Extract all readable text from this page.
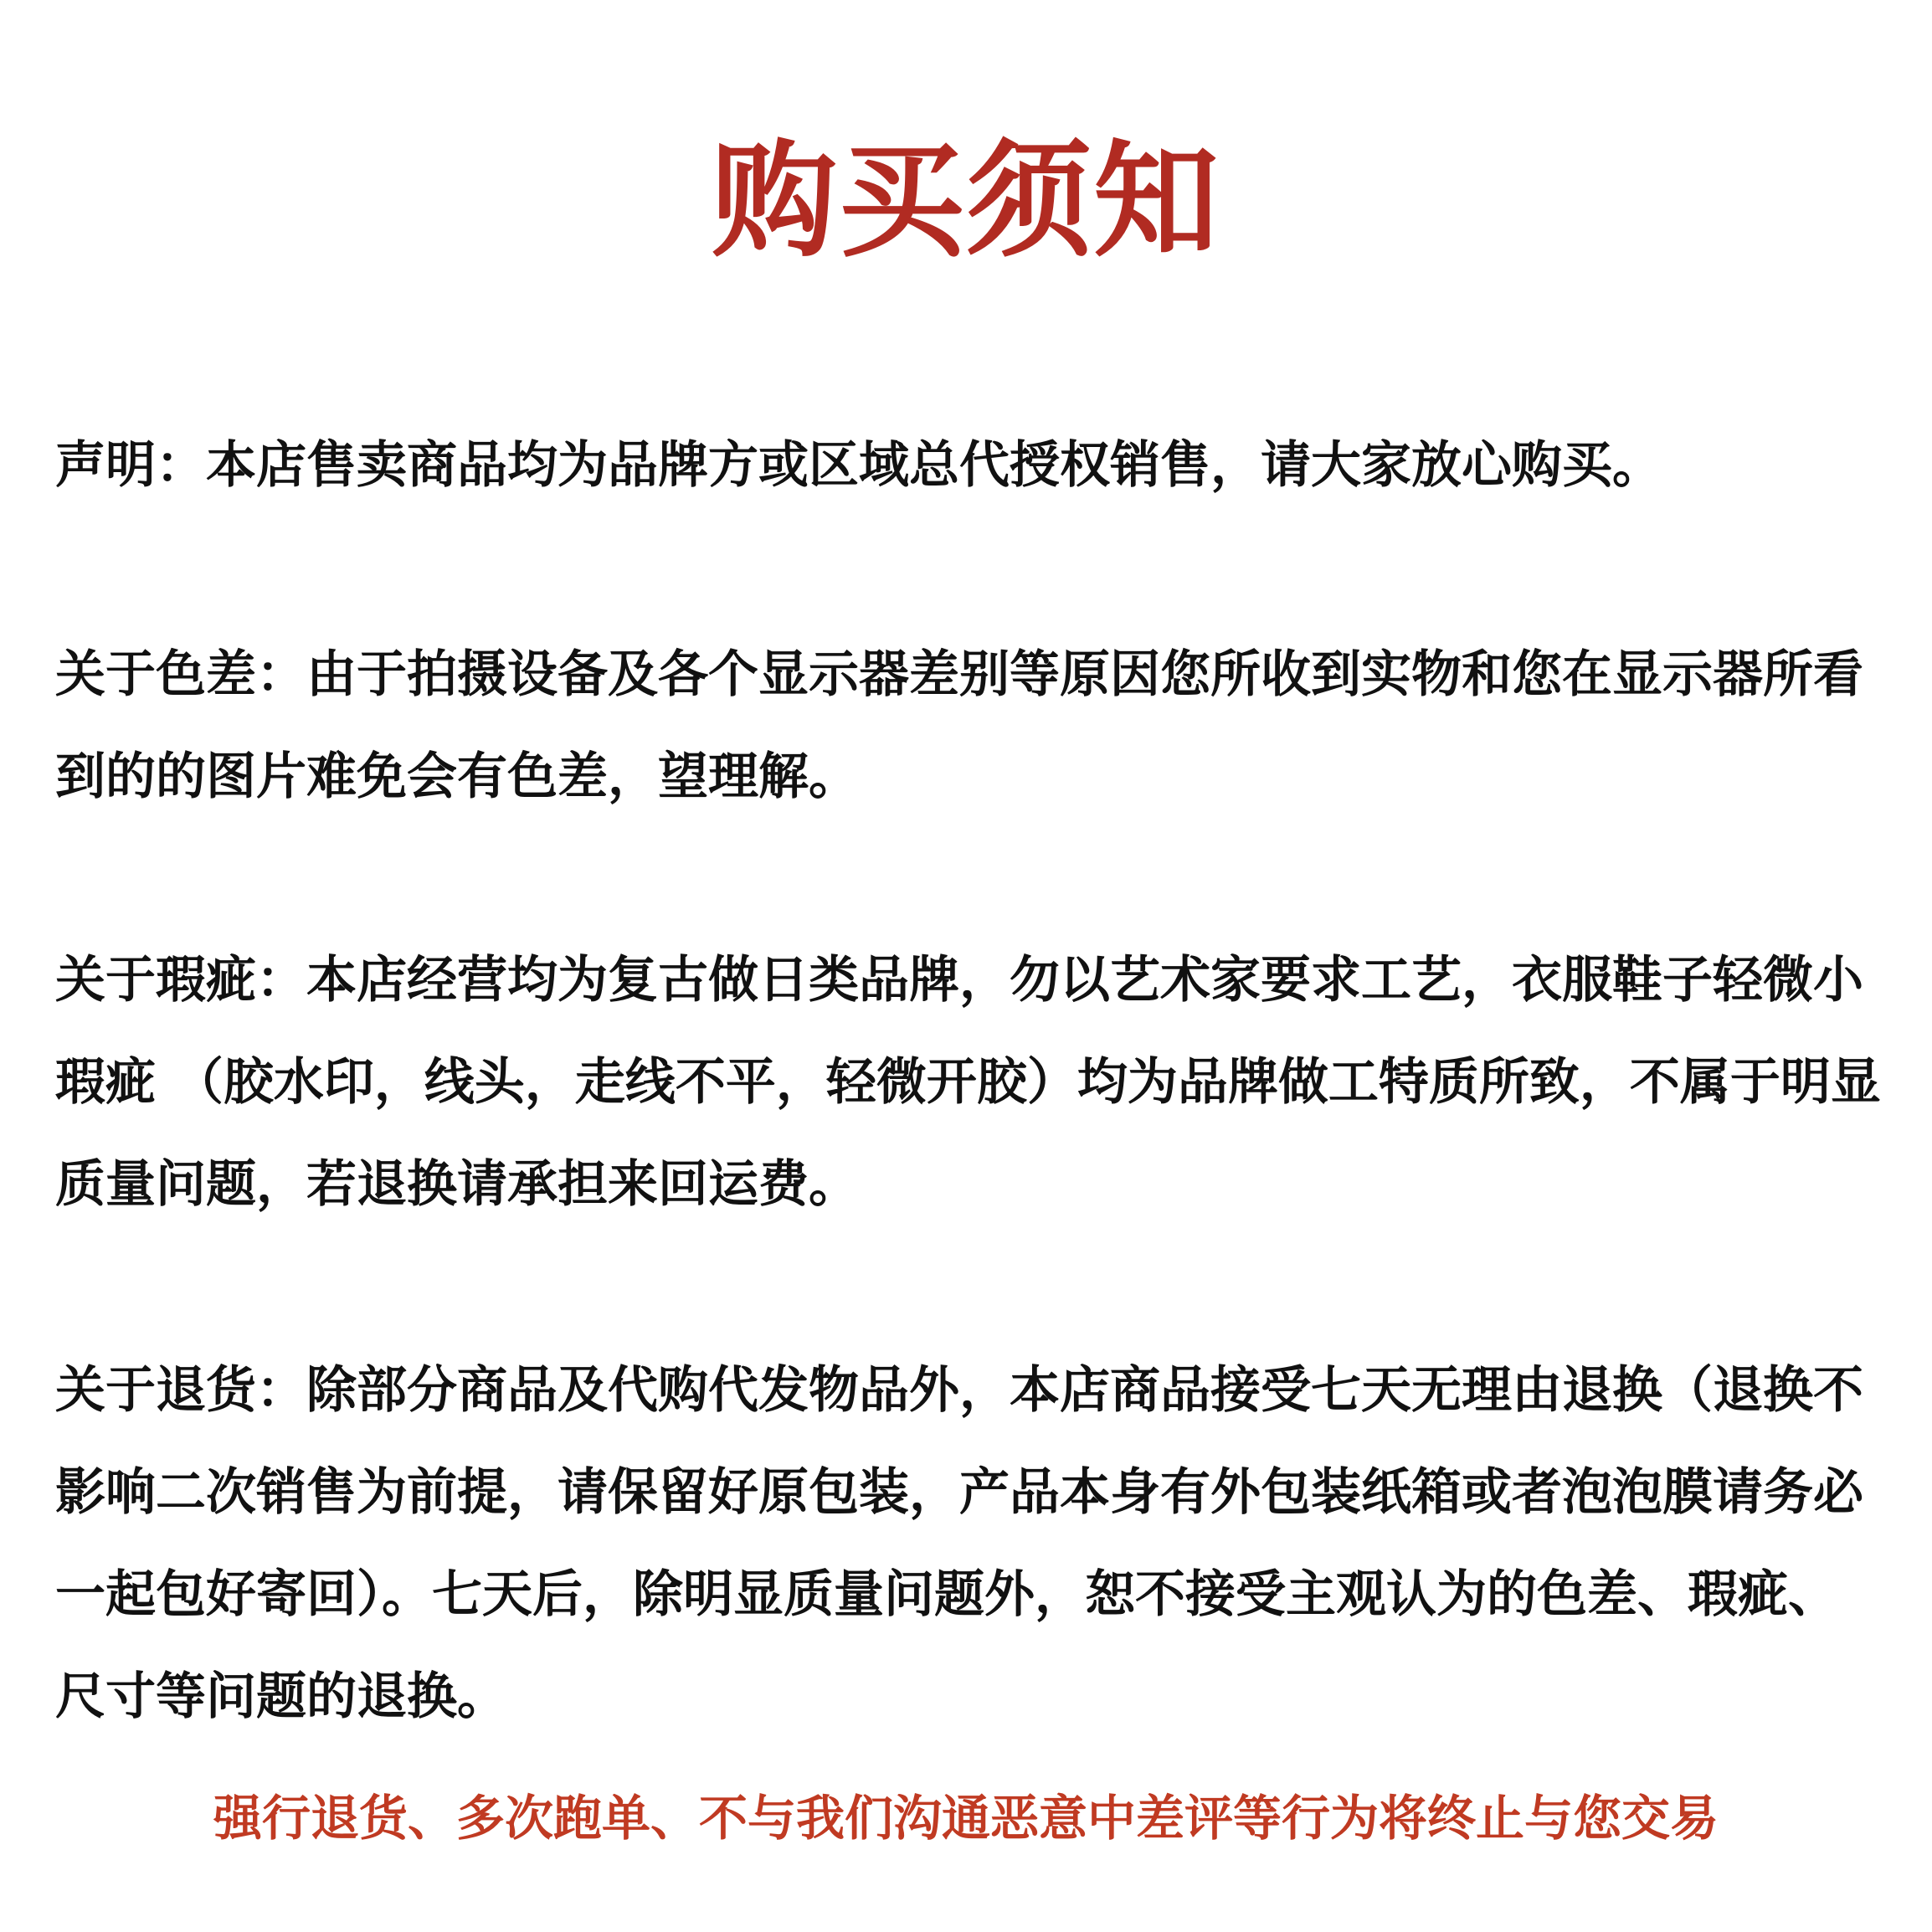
购买须知
声明：本店售卖商品均为品牌方或区域总代授权销售，请大家放心购买。
关于色差：由于拍摄设备及各个显示器差别等原因您所收到实物和您在显示器所看到的的图片难免会有色差，望理解。
关于瑕疵：本店经营均为复古做日类品牌，勿以艺术家要求工艺，衣服鞋子轻微小瑕疵 （胶水印，线头，走线不平，轻微开胶）均为品牌做工特质所致，不属于明显质量问题，若退换请承担来回运费。
关于退货：除部分商品及代购代发物品外，本店商品接受七天无理由退换（退换不影响二次销售为前提，请保留好原包装，产品本身有外包装纸箱或者泡泡膜请务必一起包好寄回）。七天后，除明显质量问题外，恕不接受主观认为的色差、瑕疵、尺寸等问题的退换。
强行退货、多次跑单、不与我们沟通恶意中差评等行为将终止与您交易
